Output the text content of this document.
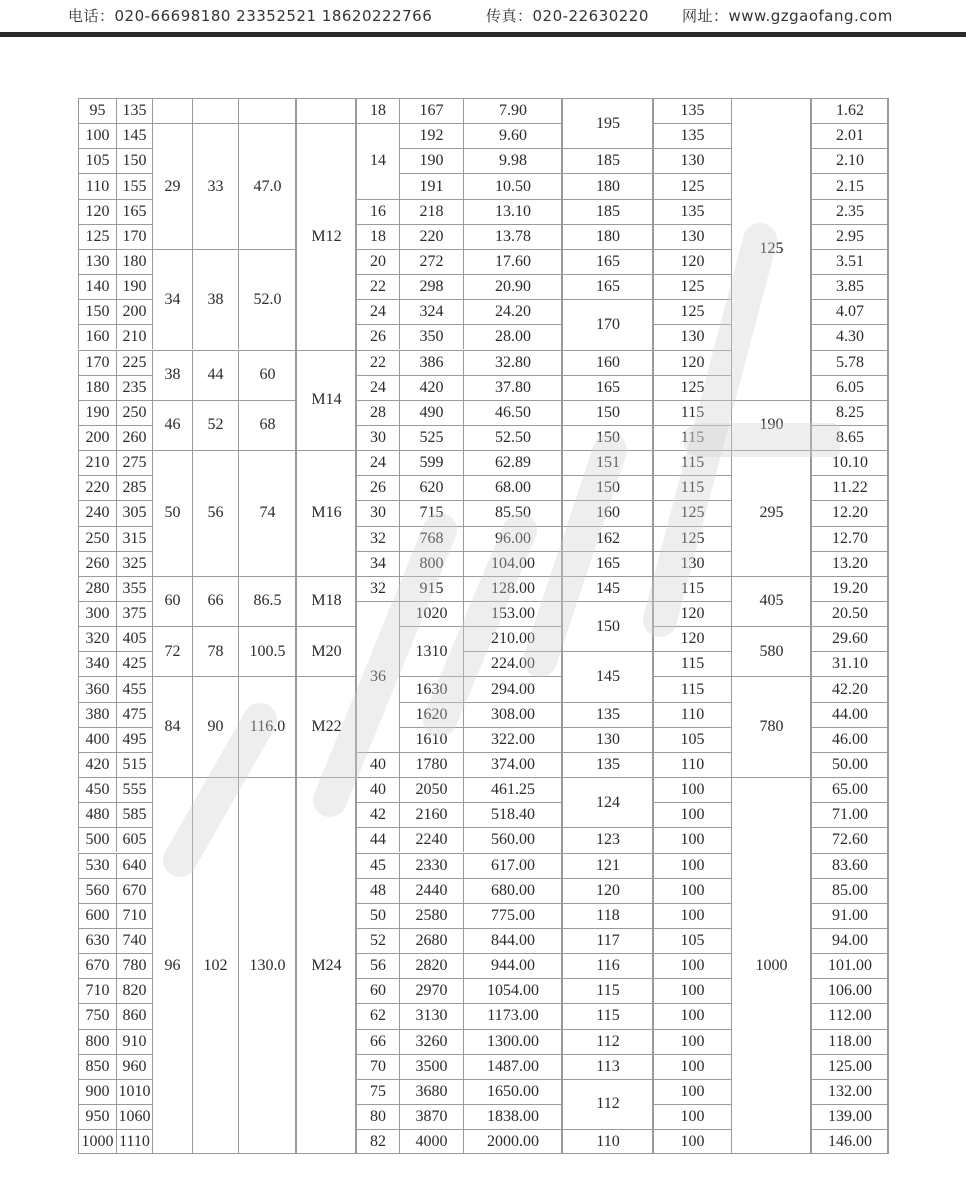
电话：020-66698180 23352521 18620222766	传真：020-22630220 网址：www.gzgaofang.com
95
100
105
110
120
125
130
140
150
160
170
180
190
200
210
220
240
250
260
280
300
320
340
360
380
400
420
450
480
500
530
560
600
630
670
710
750
800
850
900
950
1000
135
145
150
155
165
170
180
190
200
210
225
235
250
260
275
285
305
315
325
355
375
405
425
455
475
495
515
555
585
605
640
670
710
740
780
820
860
910
960
1010
1060
1110
29
34
38
46
50
60
72
84
96
33
38
44
52
56
66
78
90
102
47.0
52.0
60
68
74
86.5
100.5
116.0
130.0
M12
M14
M16
M18
M20
M22
M24
18
14
16
18
20
22
24
26
22
24
28
30
24
26
30
32
34
32
36
40
40
42
44
45
48
50
52
56
60
62
66
70
75
80
82
167
192
190
191
218
220
272
298
324
350
386
420
490
525
599
620
715
768
800
915
1020
1310
1630
1620
1610
1780
2050
2160
2240
2330
2440
2580
2680
2820
2970
3130
3260
3500
3680
3870
4000
7.90
9.60
9.98
10.50
13.10
13.78
17.60
20.90
24.20
28.00
32.80
37.80
46.50
52.50
62.89
68.00
85.50
96.00
104.00
128.00
153.00
210.00
224.00
294.00
308.00
322.00
374.00
461.25
518.40
560.00
617.00
680.00
775.00
844.00
944.00
1054.00
1173.00
1300.00
1487.00
1650.00
1838.00
2000.00
195
185
180
185
180
165
165
170
160
165
150
150
151
150
160
162
165
145
150
145
135
130
135
124
123
121
120
118
117
116
115
115
112
113
112
110
135
135
130
125
135
130
120
125
125
130
120
125
115
115
115
115
125
125
130
115
120
120
115
115
110
105
110
100
100
100
100
100
100
105
100
100
100
100
100
100
100
100
125
190
295
405
580
780
1000
1.62
2.01
2.10
2.15
2.35
2.95
3.51
3.85
4.07
4.30
5.78
6.05
8.25
8.65
10.10
11.22
12.20
12.70
13.20
19.20
20.50
29.60
31.10
42.20
44.00
46.00
50.00
65.00
71.00
72.60
83.60
85.00
91.00
94.00
101.00
106.00
112.00
118.00
125.00
132.00
139.00
146.00
